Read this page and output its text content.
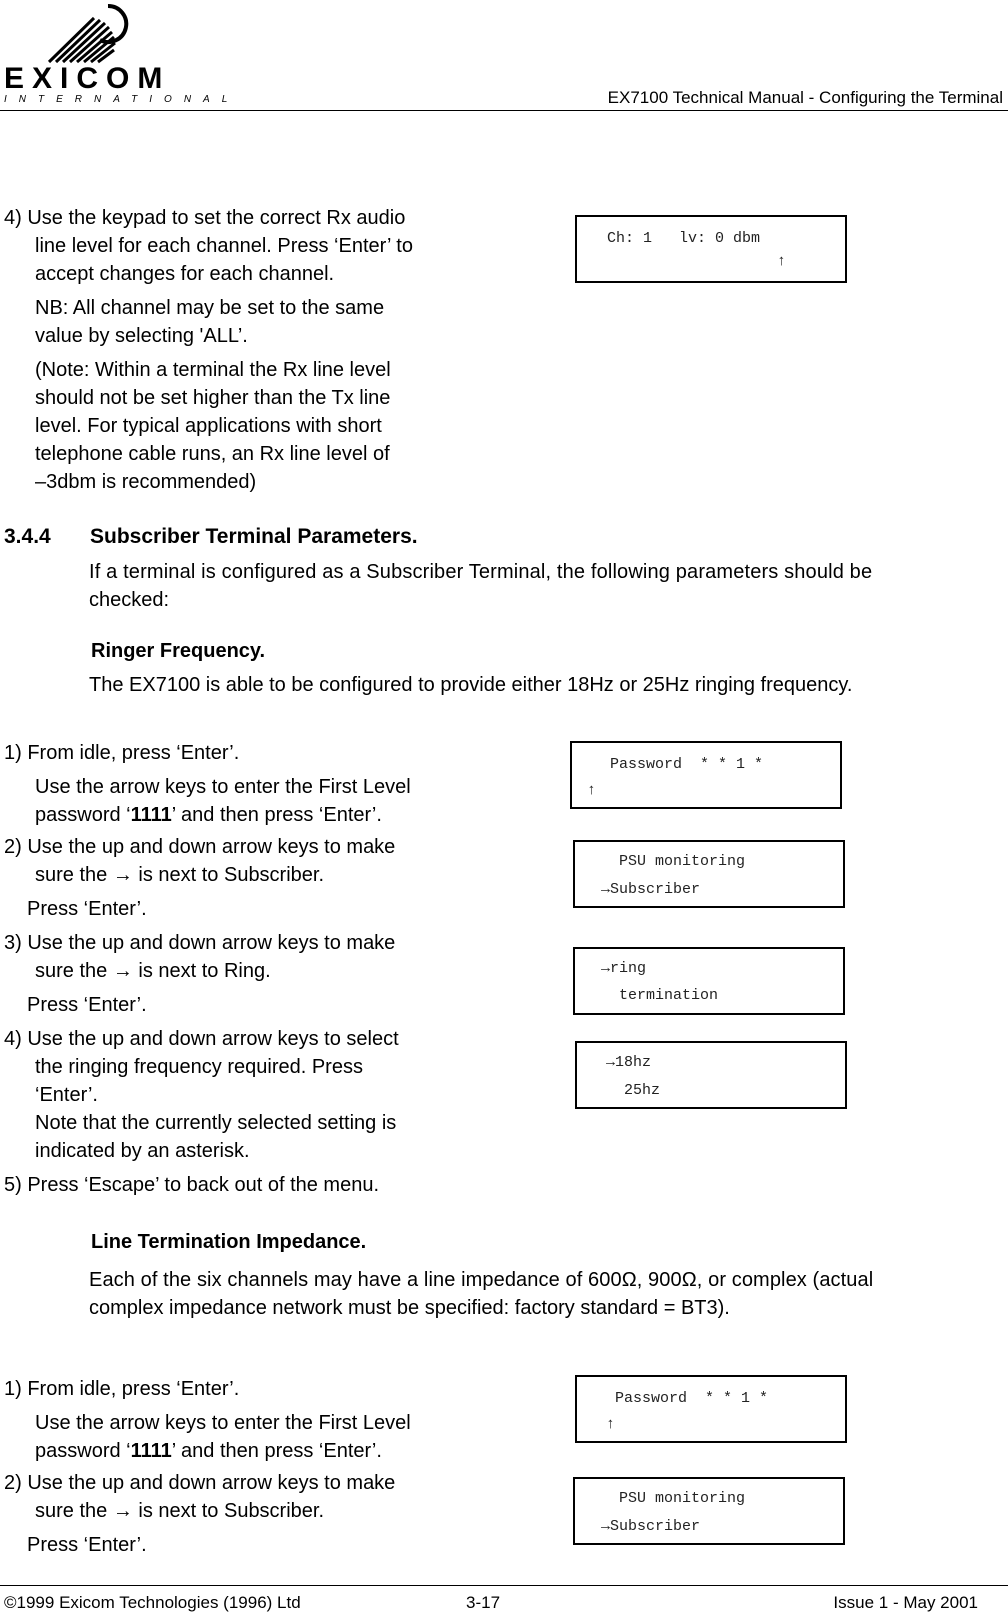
EXICOM
INTERNATIONAL	EX7100 Technical Manual - Configuring the Terminal
4) Use the keypad to set the correct Rx audio
line level for each channel. Press ‘Enter’ to
accept changes for each channel.
NB: All channel may be set to the same
value by selecting 'ALL’.
(Note: Within a terminal the Rx line level
should not be set higher than the Tx line
level. For typical applications with short
telephone cable runs, an Rx line level of
–3dbm is recommended)
Ch: 1   lv: 0 dbm
↑
3.4.4 Subscriber Terminal Parameters.
If a terminal is configured as a Subscriber Terminal, the following parameters should be
checked:
Ringer Frequency.
The EX7100 is able to be configured to provide either 18Hz or 25Hz ringing frequency.
1) From idle, press ‘Enter’.
Use the arrow keys to enter the First Level
password ‘1111’ and then press ‘Enter’.
2) Use the up and down arrow keys to make
sure the → is next to Subscriber.
Press ‘Enter’.
3) Use the up and down arrow keys to make
sure the → is next to Ring.
Press ‘Enter’.
4) Use the up and down arrow keys to select
the ringing frequency required. Press
‘Enter’.
Note that the currently selected setting is
indicated by an asterisk.
5) Press ‘Escape’ to back out of the menu.
Password  * * 1 *
↑
PSU monitoring
→Subscriber
→ring
termination
→18hz
25hz
Line Termination Impedance.
Each of the six channels may have a line impedance of 600Ω, 900Ω, or complex (actual
complex impedance network must be specified: factory standard = BT3).
1) From idle, press ‘Enter’.
Use the arrow keys to enter the First Level
password ‘1111’ and then press ‘Enter’.
2) Use the up and down arrow keys to make
sure the → is next to Subscriber.
Press ‘Enter’.
Password  * * 1 *
↑
PSU monitoring
→Subscriber
©1999 Exicom Technologies (1996) Ltd	3-17	Issue 1 - May 2001
